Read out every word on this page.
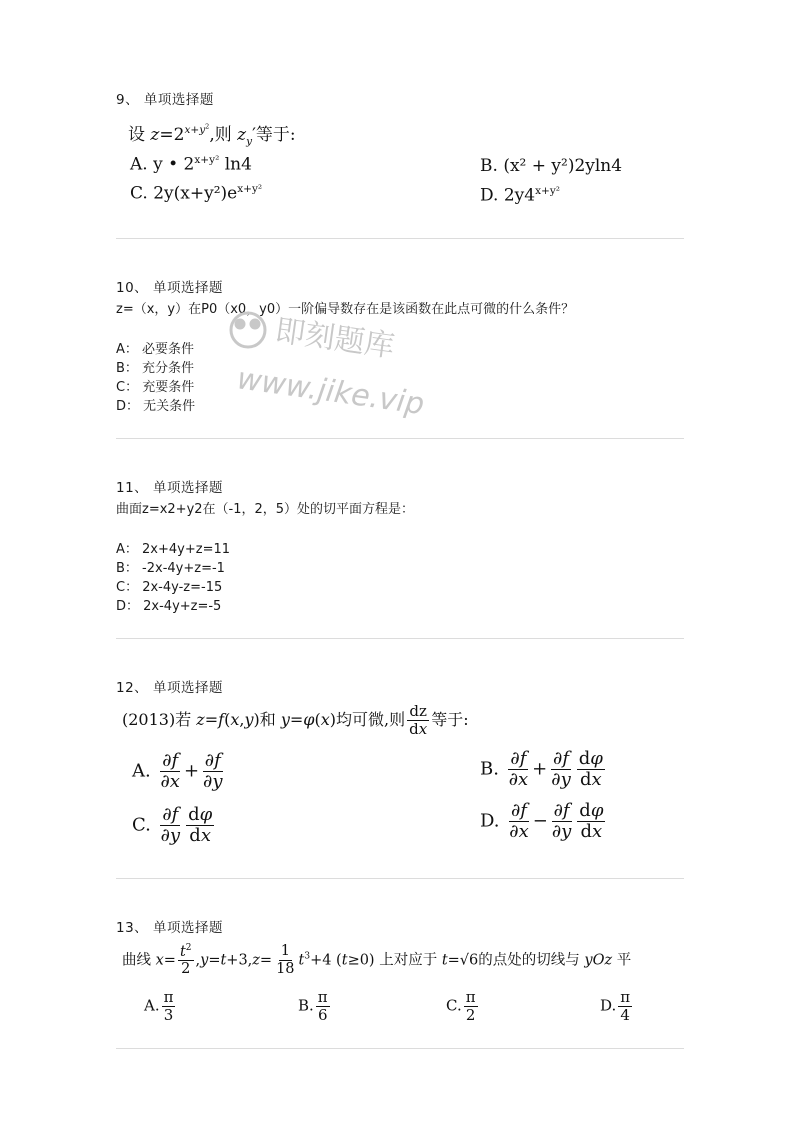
9、 单项选择题
设 $z=2^{x+y^2}$,则 $z_y'$等于:
A. y • $2^{x+y^2}$ ln4	B. (x² + y²)2yln4
C. $2y(x+y^2)e^{x+y^2}$	D. $2y4^{x+y^2}$
10、 单项选择题
z=（x，y）在P0（x0，y0）一阶偏导数存在是该函数在此点可微的什么条件？
A： 必要条件
B： 充分条件
C： 充要条件
D： 无关条件
即刻题库
www.jike.vip
11、 单项选择题
曲面z=x2+y2在（-1，2，5）处的切平面方程是：
A： 2x+4y+z=11
B： -2x-4y+z=-1
C： 2x-4y-z=-15
D： 2x-4y+z=-5
12、 单项选择题
(2013)若 z=f(x,y)和 y=φ(x)均可微,则 $\frac{dz}{dx}$ 等于:
A. $\frac{\partial f}{\partial x} + \frac{\partial f}{\partial y}$	B. $\frac{\partial f}{\partial x} + \frac{\partial f}{\partial y} \frac{d\varphi}{dx}$
C. $\frac{\partial f}{\partial y} \frac{d\varphi}{dx}$	D. $\frac{\partial f}{\partial x} - \frac{\partial f}{\partial y} \frac{d\varphi}{dx}$
13、 单项选择题
曲线 $x= \frac{t^2}{2} ,y=t+3,z= \frac{1}{18} t^3+4$ (t≥0) 上对应于 t=√6的点处的切线与 yOz 平
A. $\frac{\pi}{3}$	B. $\frac{\pi}{6}$	C. $\frac{\pi}{2}$	D. $\frac{\pi}{4}$
